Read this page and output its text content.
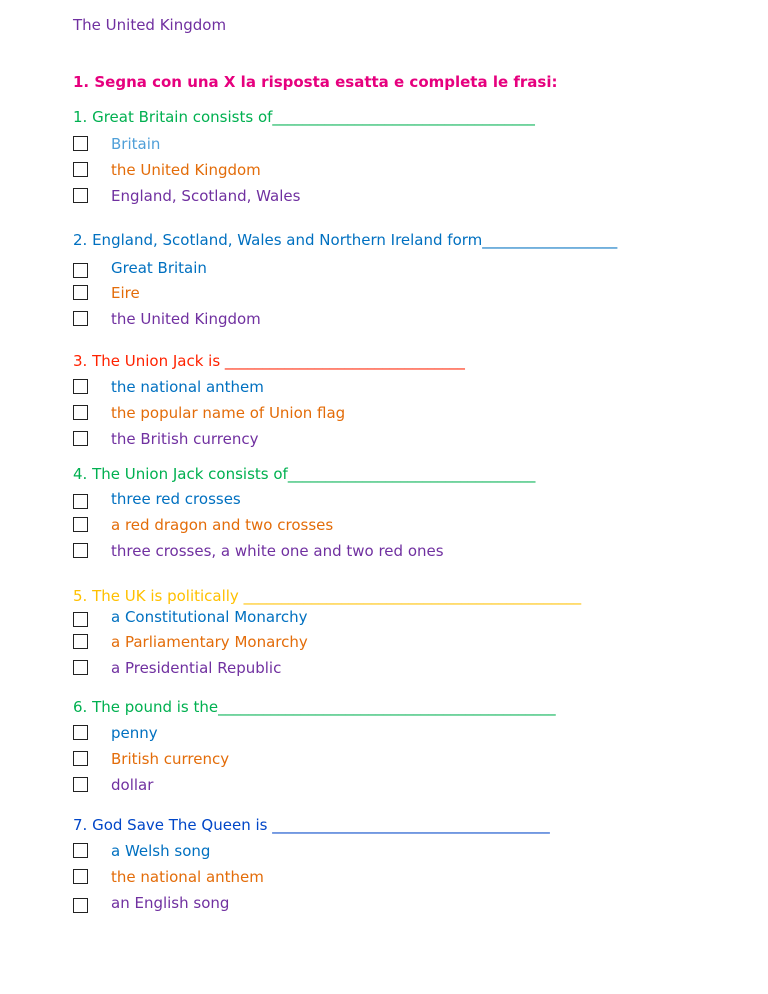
The United Kingdom
1. Segna con una X la risposta esatta e completa le frasi:
1. Great Britain consists of___________________________________
Britain
the United Kingdom
England, Scotland, Wales
2. England, Scotland, Wales and Northern Ireland form__________________
Great Britain
Eire
the United Kingdom
3. The Union Jack is ________________________________
the national anthem
the popular name of Union flag
the British currency
4. The Union Jack consists of_________________________________
three red crosses
a red dragon and two crosses
three crosses, a white one and two red ones
5. The UK is politically _____________________________________________
a Constitutional Monarchy
a Parliamentary Monarchy
a Presidential Republic
6. The pound is the_____________________________________________
penny
British currency
dollar
7. God Save The Queen is _____________________________________
a Welsh song
the national anthem
an English song
